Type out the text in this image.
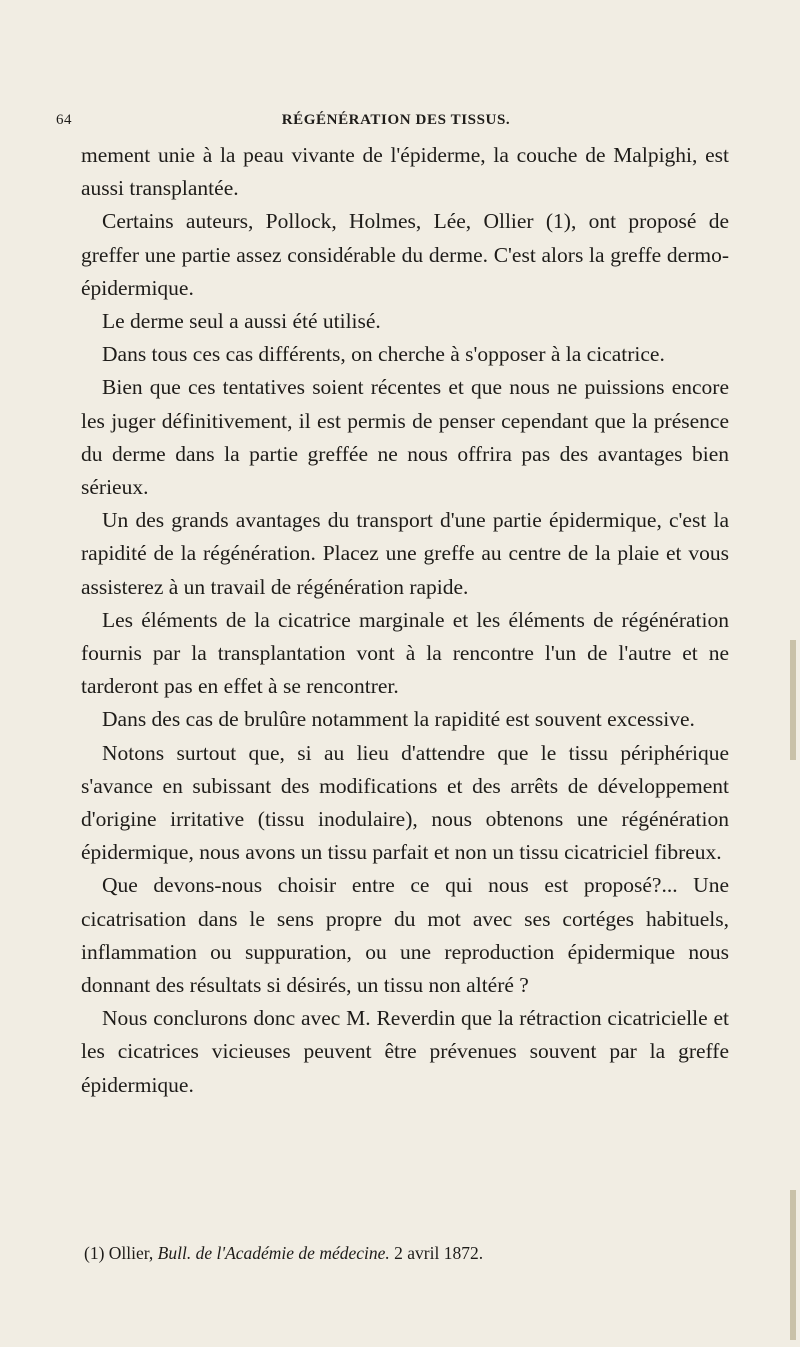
64	RÉGÉNÉRATION DES TISSUS.

mement unie à la peau vivante de l'épiderme, la couche de Malpighi, est aussi transplantée.

Certains auteurs, Pollock, Holmes, Lée, Ollier (1), ont proposé de greffer une partie assez considérable du derme. C'est alors la greffe dermo-épidermique.

Le derme seul a aussi été utilisé.

Dans tous ces cas différents, on cherche à s'opposer à la cicatrice.

Bien que ces tentatives soient récentes et que nous ne puissions encore les juger définitivement, il est permis de penser cependant que la présence du derme dans la partie greffée ne nous offrira pas des avantages bien sérieux.

Un des grands avantages du transport d'une partie épidermique, c'est la rapidité de la régénération. Placez une greffe au centre de la plaie et vous assisterez à un travail de régénération rapide.

Les éléments de la cicatrice marginale et les éléments de régénération fournis par la transplantation vont à la rencontre l'un de l'autre et ne tarderont pas en effet à se rencontrer.

Dans des cas de brulûre notamment la rapidité est souvent excessive.

Notons surtout que, si au lieu d'attendre que le tissu périphérique s'avance en subissant des modifications et des arrêts de développement d'origine irritative (tissu inodulaire), nous obtenons une régénération épidermique, nous avons un tissu parfait et non un tissu cicatriciel fibreux.

Que devons-nous choisir entre ce qui nous est proposé?... Une cicatrisation dans le sens propre du mot avec ses cortéges habituels, inflammation ou suppuration, ou une reproduction épidermique nous donnant des résultats si désirés, un tissu non altéré ?

Nous conclurons donc avec M. Reverdin que la rétraction cicatricielle et les cicatrices vicieuses peuvent être prévenues souvent par la greffe épidermique.

(1) Ollier, Bull. de l'Académie de médecine. 2 avril 1872.
